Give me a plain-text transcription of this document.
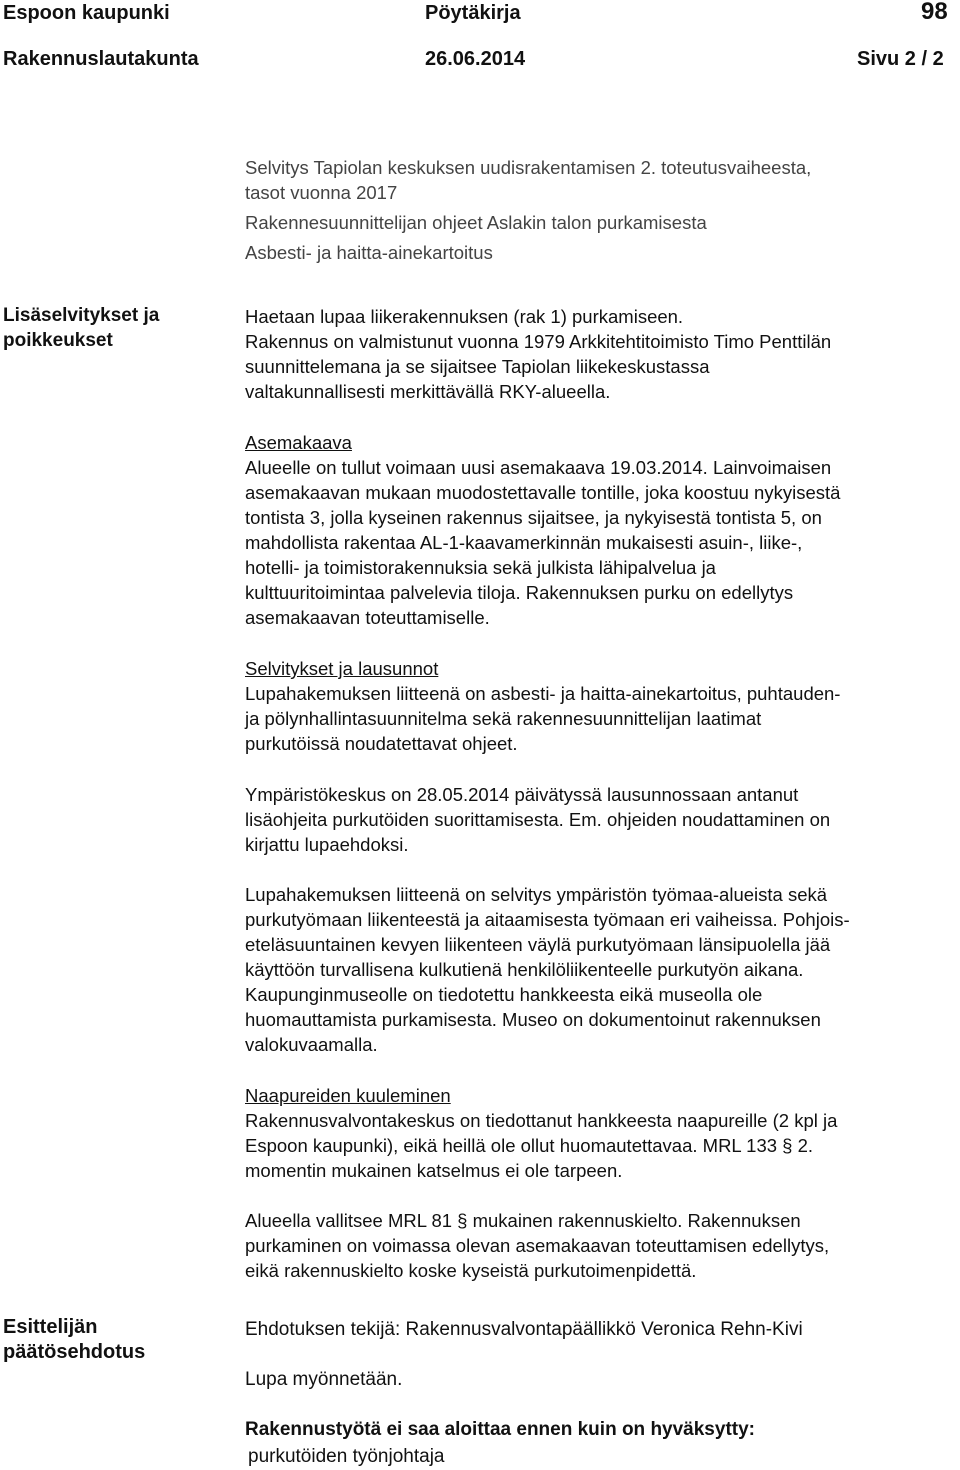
Espoon kaupunki	Pöytäkirja	98
Rakennuslautakunta	26.06.2014	Sivu 2 / 2
Selvitys Tapiolan keskuksen uudisrakentamisen 2. toteutusvaiheesta,
tasot vuonna 2017
Rakennesuunnittelijan ohjeet Aslakin talon purkamisesta
Asbesti- ja haitta-ainekartoitus
Lisäselvitykset ja
poikkeukset
Haetaan lupaa liikerakennuksen (rak 1) purkamiseen.
Rakennus on valmistunut vuonna 1979 Arkkitehtitoimisto Timo Penttilän
suunnittelemana ja se sijaitsee Tapiolan liikekeskustassa
valtakunnallisesti merkittävällä RKY-alueella.
Asemakaava
Alueelle on tullut voimaan uusi asemakaava 19.03.2014. Lainvoimaisen
asemakaavan mukaan muodostettavalle tontille, joka koostuu nykyisestä
tontista 3, jolla kyseinen rakennus sijaitsee, ja nykyisestä tontista 5, on
mahdollista rakentaa AL-1-kaavamerkinnän mukaisesti asuin-, liike-,
hotelli- ja toimistorakennuksia sekä julkista lähipalvelua ja
kulttuuritoimintaa palvelevia tiloja. Rakennuksen purku on edellytys
asemakaavan toteuttamiselle.
Selvitykset ja lausunnot
Lupahakemuksen liitteenä on asbesti- ja haitta-ainekartoitus, puhtauden-
ja pölynhallintasuunnitelma sekä rakennesuunnittelijan laatimat
purkutöissä noudatettavat ohjeet.
Ympäristökeskus on 28.05.2014 päivätyssä lausunnossaan antanut
lisäohjeita purkutöiden suorittamisesta. Em. ohjeiden noudattaminen on
kirjattu lupaehdoksi.
Lupahakemuksen liitteenä on selvitys ympäristön työmaa-alueista sekä
purkutyömaan liikenteestä ja aitaamisesta työmaan eri vaiheissa. Pohjois-
eteläsuuntainen kevyen liikenteen väylä purkutyömaan länsipuolella jää
käyttöön turvallisena kulkutienä henkilöliikenteelle purkutyön aikana.
Kaupunginmuseolle on tiedotettu hankkeesta eikä museolla ole
huomauttamista purkamisesta. Museo on dokumentoinut rakennuksen
valokuvaamalla.
Naapureiden kuuleminen
Rakennusvalvontakeskus on tiedottanut hankkeesta naapureille (2 kpl ja
Espoon kaupunki), eikä heillä ole ollut huomautettavaa. MRL 133 § 2.
momentin mukainen katselmus ei ole tarpeen.
Alueella vallitsee MRL 81 § mukainen rakennuskielto. Rakennuksen
purkaminen on voimassa olevan asemakaavan toteuttamisen edellytys,
eikä rakennuskielto koske kyseistä purkutoimenpidettä.
Esittelijän
päätösehdotus
Ehdotuksen tekijä: Rakennusvalvontapäällikkö Veronica Rehn-Kivi
Lupa myönnetään.
Rakennustyötä ei saa aloittaa ennen kuin on hyväksytty:
purkutöiden työnjohtaja
